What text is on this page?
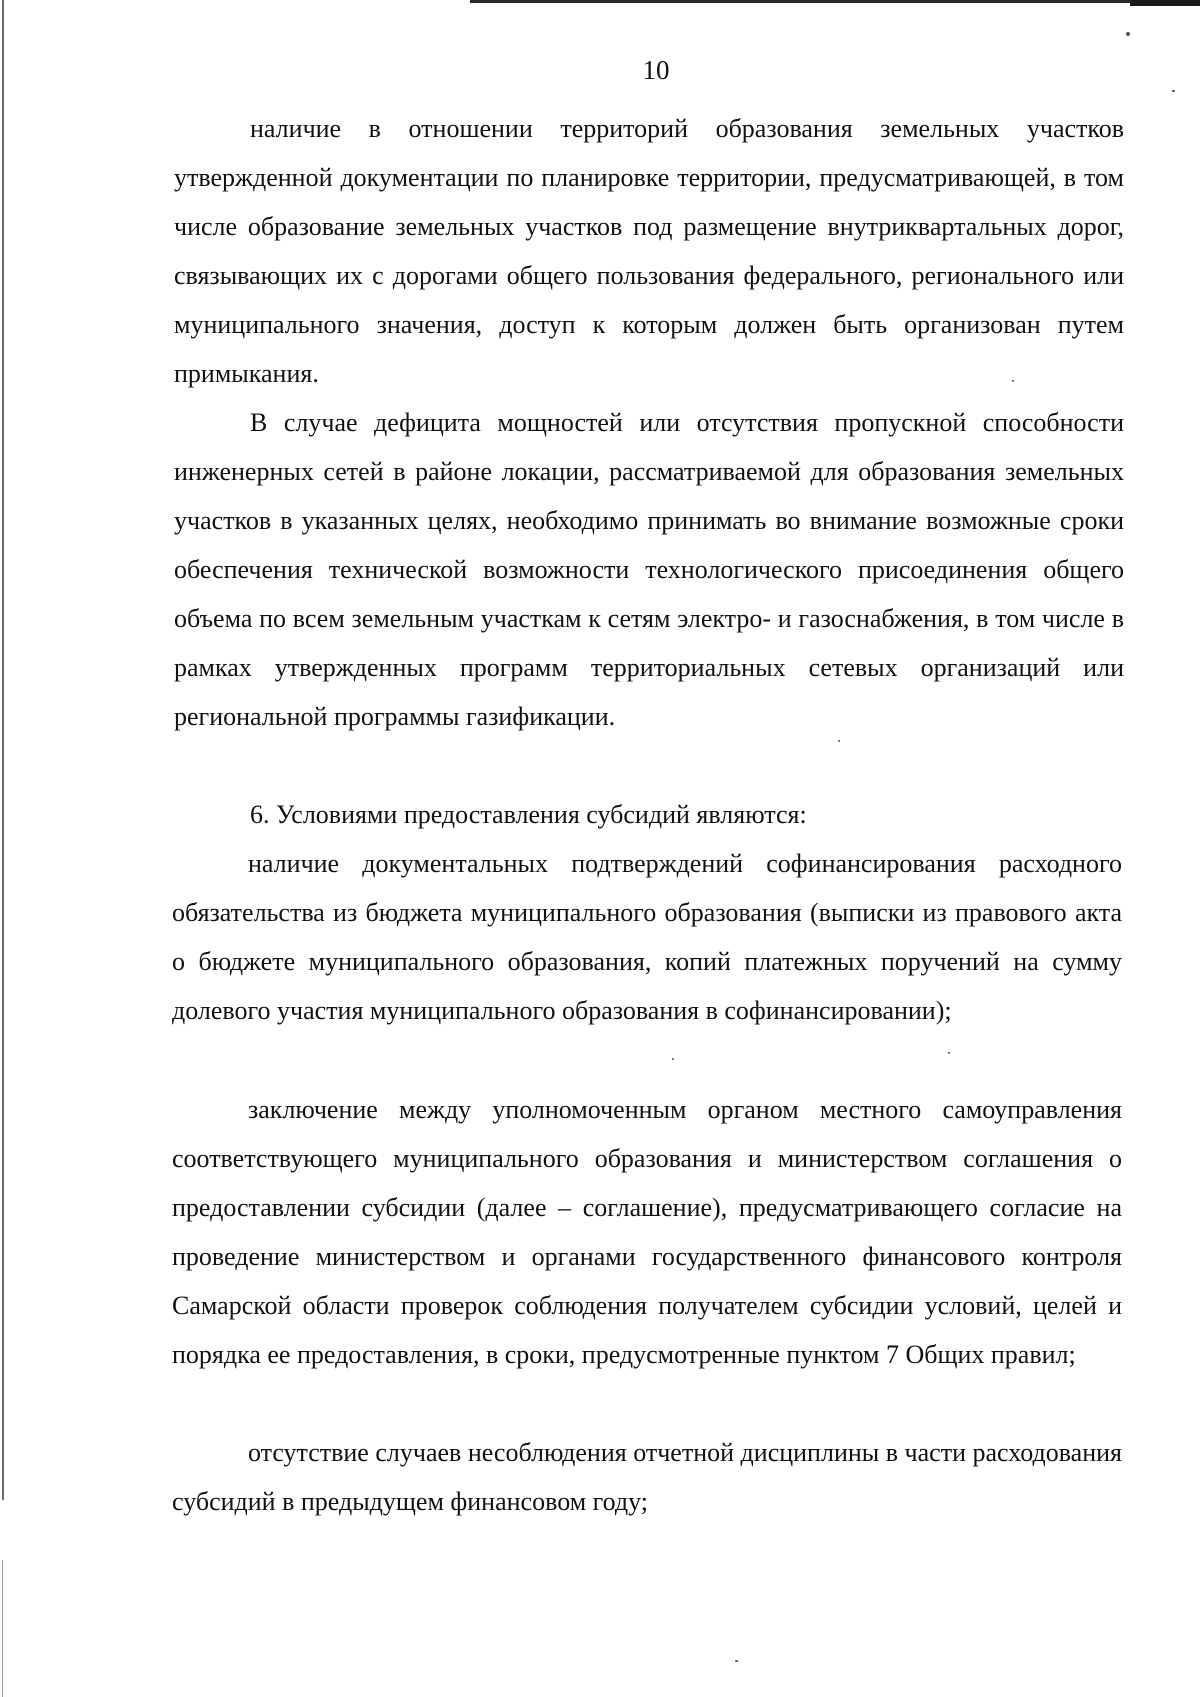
10

наличие в отношении территорий образования земельных участков утвержденной документации по планировке территории, предусматривающей, в том числе образование земельных участков под размещение внутриквартальных дорог, связывающих их с дорогами общего пользования федерального, регионального или муниципального значения, доступ к которым должен быть организован путем примыкания.

В случае дефицита мощностей или отсутствия пропускной способности инженерных сетей в районе локации, рассматриваемой для образования земельных участков в указанных целях, необходимо принимать во внимание возможные сроки обеспечения технической возможности технологического присоединения общего объема по всем земельным участкам к сетям электро- и газоснабжения, в том числе в рамках утвержденных программ территориальных сетевых организаций или региональной программы газификации.

6. Условиями предоставления субсидий являются:

наличие документальных подтверждений софинансирования расходного обязательства из бюджета муниципального образования (выписки из правового акта о бюджете муниципального образования, копий платежных поручений на сумму долевого участия муниципального образования в софинансировании);

заключение между уполномоченным органом местного самоуправления соответствующего муниципального образования и министерством соглашения о предоставлении субсидии (далее – соглашение), предусматривающего согласие на проведение министерством и органами государственного финансового контроля Самарской области проверок соблюдения получателем субсидии условий, целей и порядка ее предоставления, в сроки, предусмотренные пунктом 7 Общих правил;

отсутствие случаев несоблюдения отчетной дисциплины в части расходования субсидий в предыдущем финансовом году;
